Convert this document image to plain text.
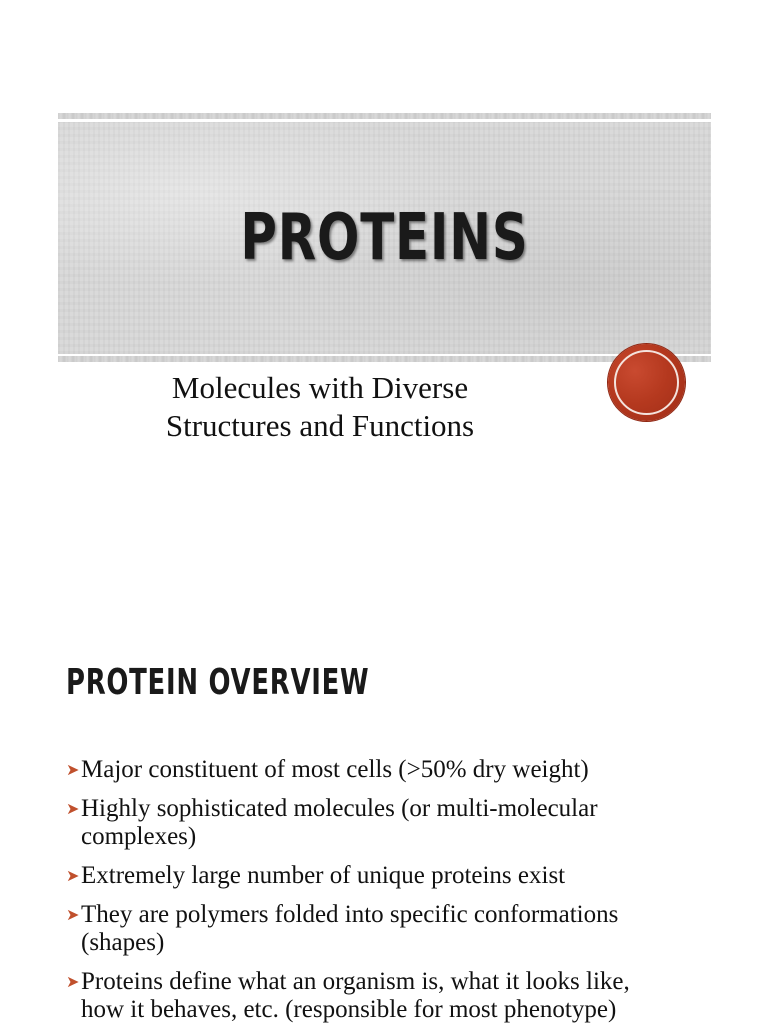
PROTEINS
Molecules with Diverse
Structures and Functions
PROTEIN OVERVIEW
➤ Major constituent of most cells (>50% dry weight)
➤ Highly sophisticated molecules (or multi-molecular
complexes)
➤ Extremely large number of unique proteins exist
➤ They are polymers folded into specific conformations
(shapes)
➤ Proteins define what an organism is, what it looks like,
how it behaves, etc. (responsible for most phenotype)
